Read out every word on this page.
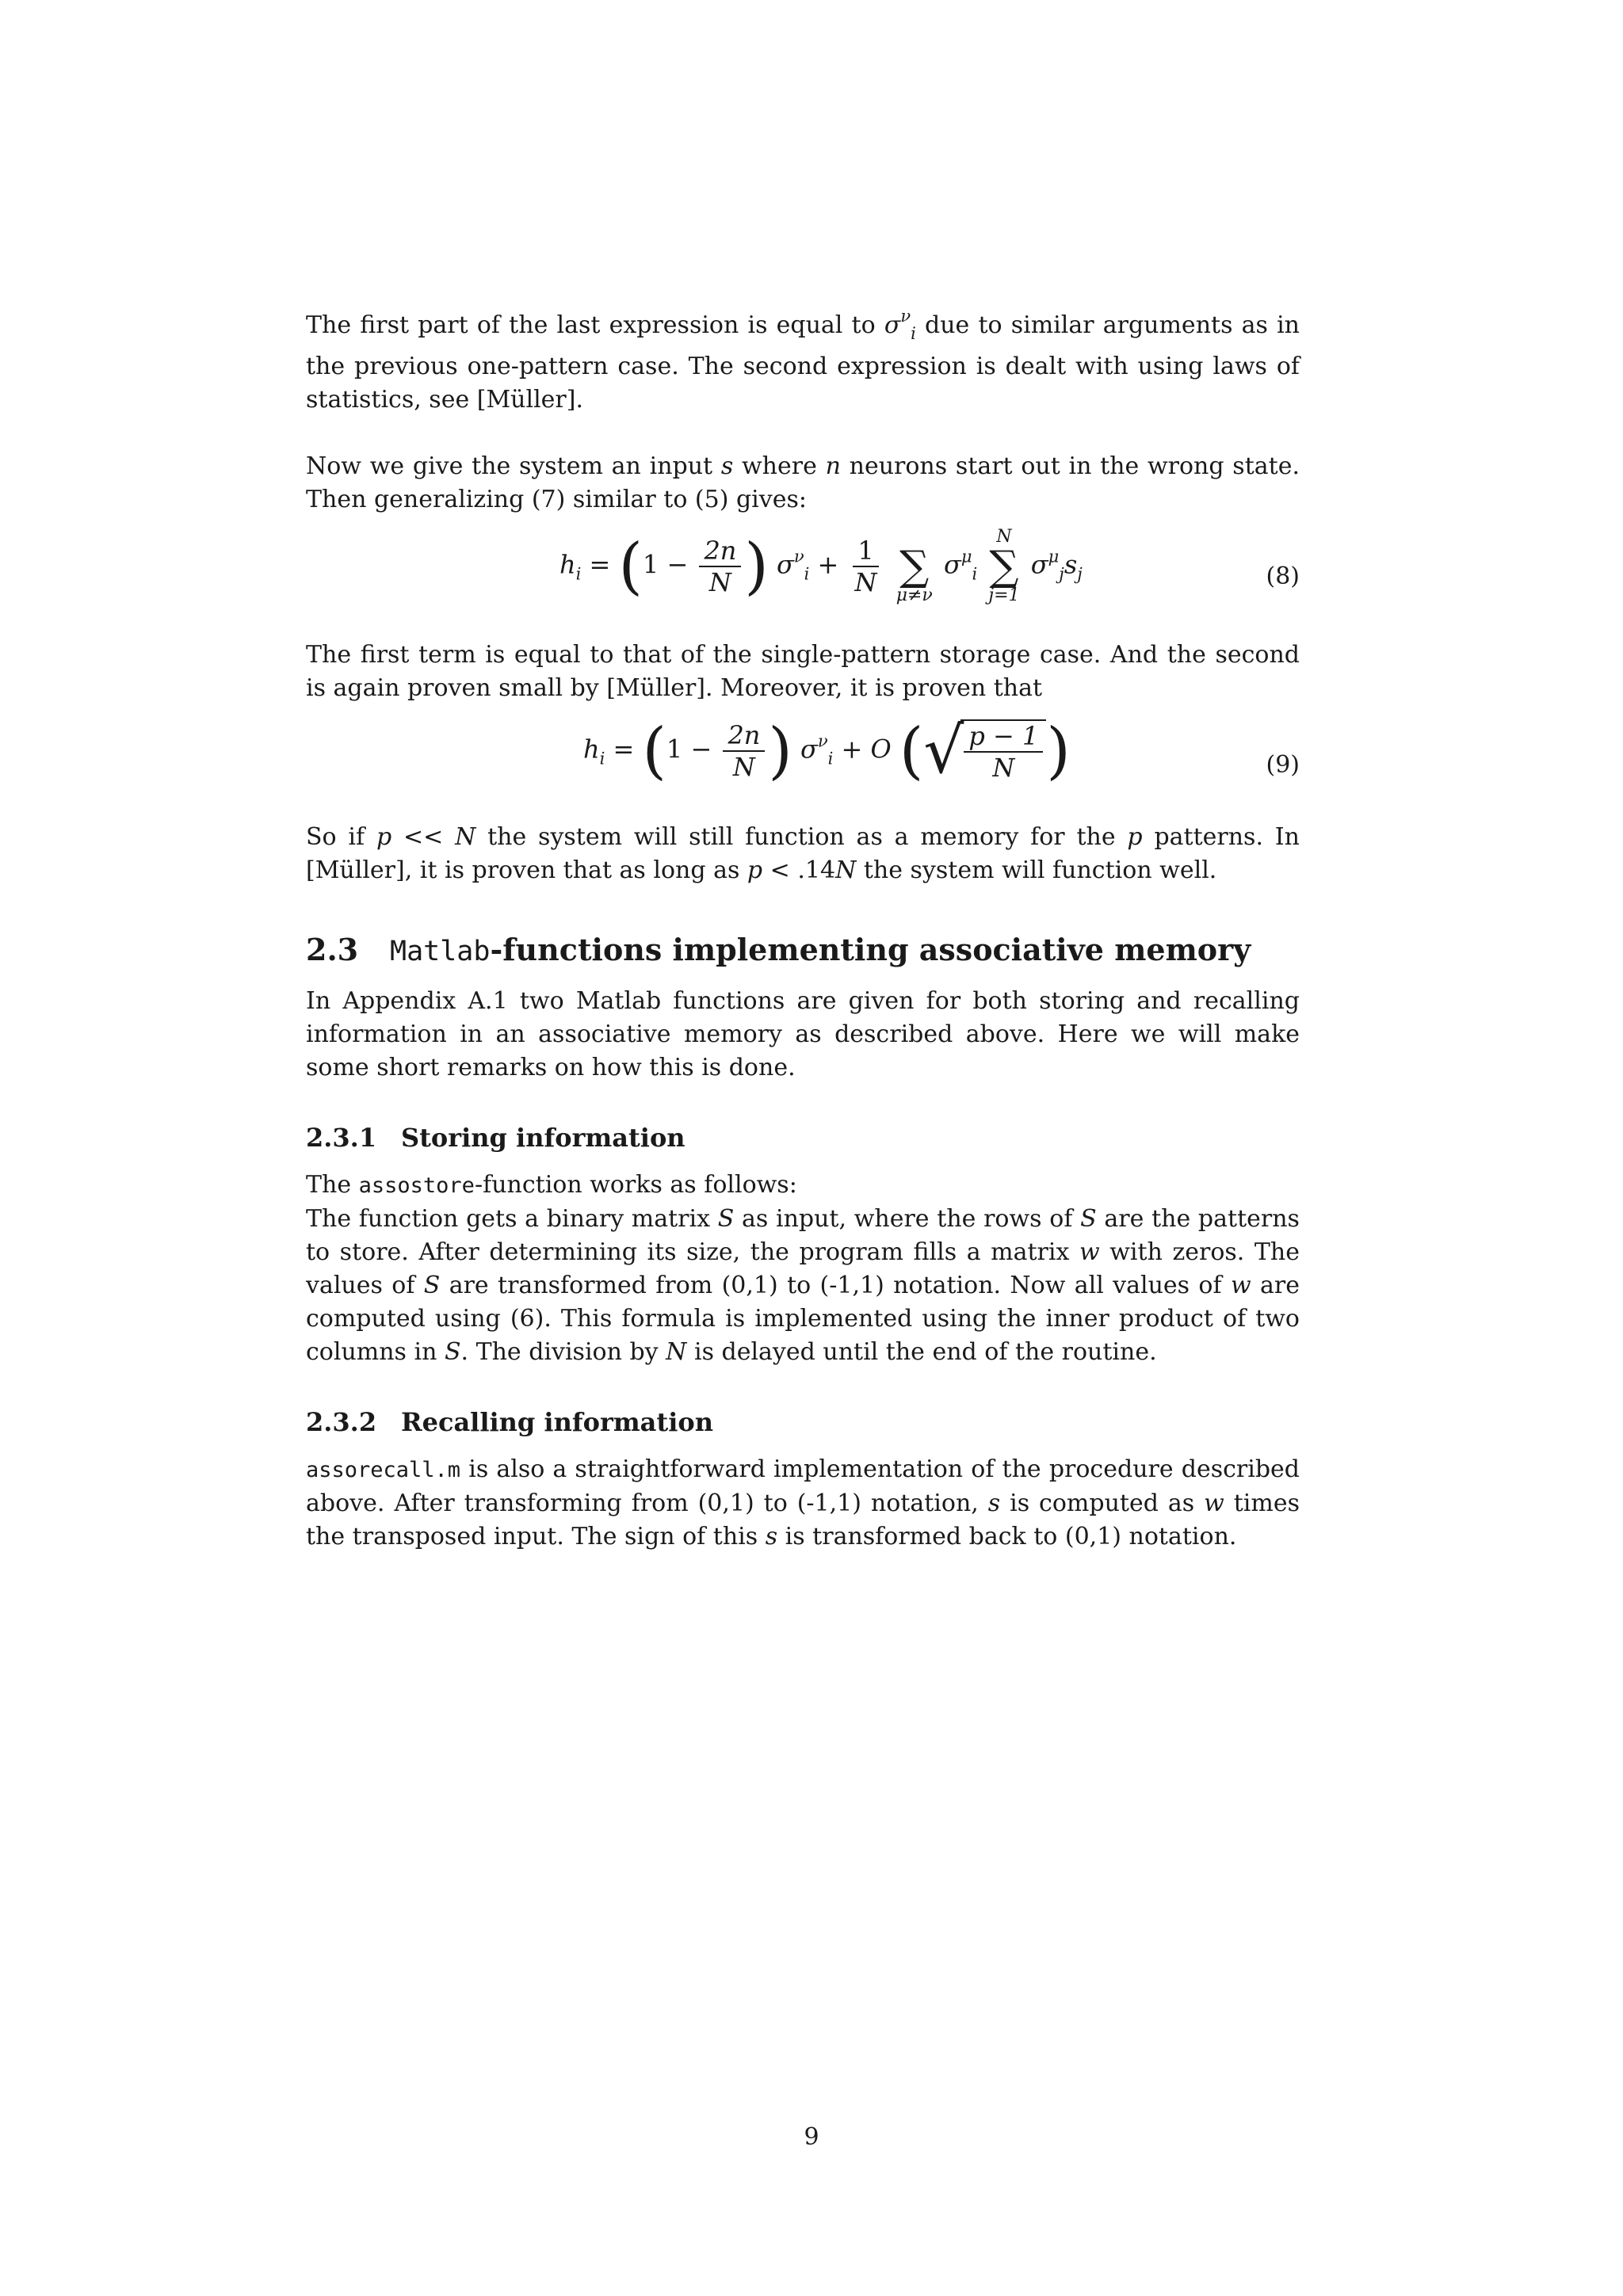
The first part of the last expression is equal to $\sigma^\nu_i$ due to similar arguments as in the previous one-pattern case. The second expression is dealt with using laws of statistics, see [Müller].

Now we give the system an input s where n neurons start out in the wrong state. Then generalizing (7) similar to (5) gives:

$h_i = (1 - \frac{2n}{N}$ ) $\sigma^\nu_i + \frac{1}{N}$

∑
μ≠ν
$\sigma^\mu_i$
N
∑
j=1
$\sigma^\mu_js_j$	(8)

The first term is equal to that of the single-pattern storage case. And the second is again proven small by [Müller]. Moreover, it is proven that

$h_i = (1 - \frac{2n}{N}$ ) $\sigma^\nu_i + O$ ( √ $\frac{p - 1}{N}$ )	(9)

So if p << N the system will still function as a memory for the p patterns. In [Müller], it is proven that as long as p < .14N the system will function well.

2.3 Matlab-functions implementing associative memory

In Appendix A.1 two Matlab functions are given for both storing and recalling information in an associative memory as described above. Here we will make some short remarks on how this is done.

2.3.1 Storing information

The assostore-function works as follows:
The function gets a binary matrix S as input, where the rows of S are the patterns to store. After determining its size, the program fills a matrix w with zeros. The values of S are transformed from (0,1) to (-1,1) notation. Now all values of w are computed using (6). This formula is implemented using the inner product of two columns in S. The division by N is delayed until the end of the routine.

2.3.2 Recalling information

assorecall.m is also a straightforward implementation of the procedure described above. After transforming from (0,1) to (-1,1) notation, s is computed as w times the transposed input. The sign of this s is transformed back to (0,1) notation.

9
